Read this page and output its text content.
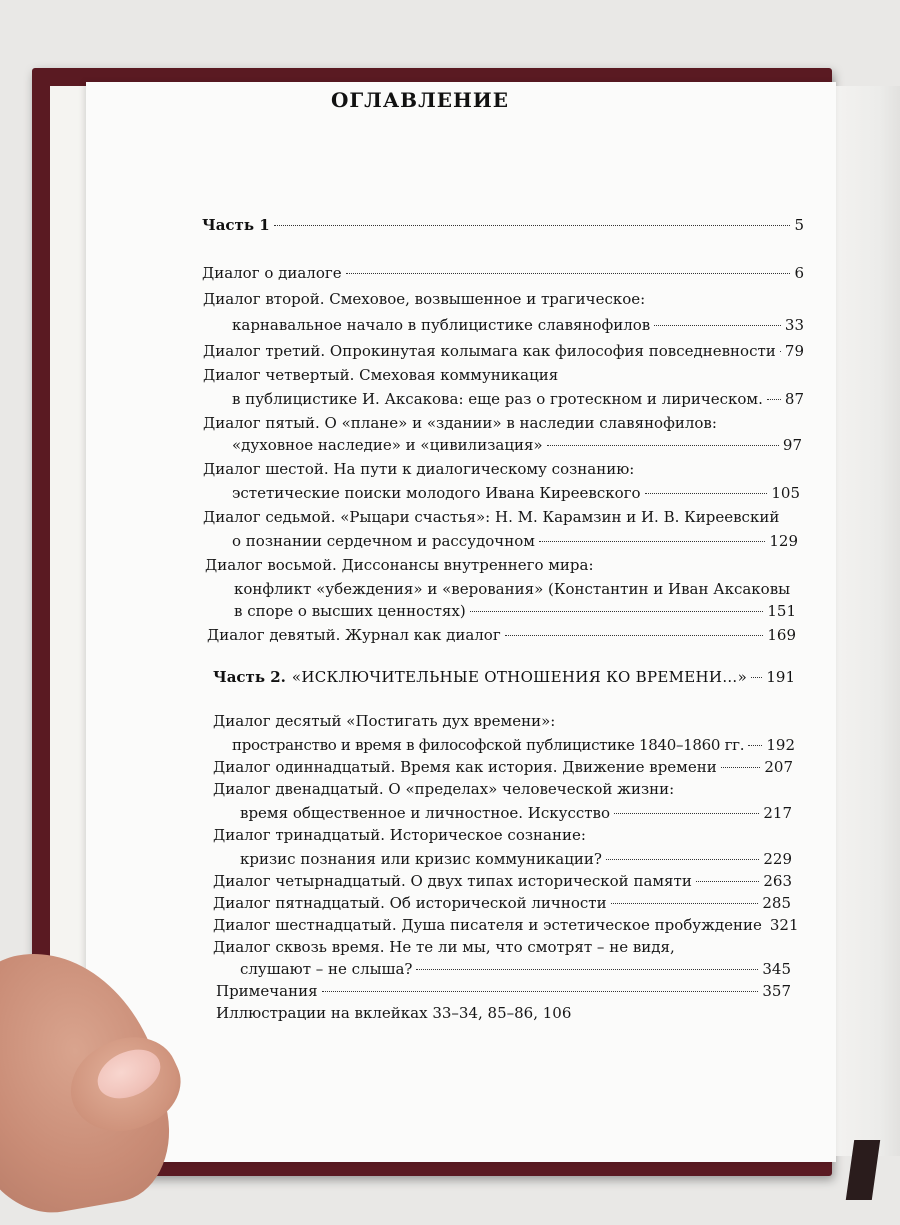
ОГЛАВЛЕНИЕ
Часть 1	5
Диалог о диалоге	6
Диалог второй. Смеховое, возвышенное и трагическое:
карнавальное начало в публицистике славянофилов	33
Диалог третий. Опрокинутая колымага как философия повседневности 79
Диалог четвертый. Смеховая коммуникация
в публицистике И. Аксакова: еще раз о гротескном и лирическом. 87
Диалог пятый. О «плане» и «здании» в наследии славянофилов:
«духовное наследие» и «цивилизация»	97
Диалог шестой. На пути к диалогическому сознанию:
эстетические поиски молодого Ивана Киреевского	105
Диалог седьмой. «Рыцари счастья»: Н. М. Карамзин и И. В. Киреевский
о познании сердечном и рассудочном	129
Диалог восьмой. Диссонансы внутреннего мира:
конфликт «убеждения» и «верования» (Константин и Иван Аксаковы
в споре о высших ценностях)	151
Диалог девятый. Журнал как диалог	169
Часть 2. «ИСКЛЮЧИТЕЛЬНЫЕ ОТНОШЕНИЯ КО ВРЕМЕНИ…» 191
Диалог десятый «Постигать дух времени»:
пространство и время в философской публицистике 1840–1860 гг. 192
Диалог одиннадцатый. Время как история. Движение времени	207
Диалог двенадцатый. О «пределах» человеческой жизни:
время общественное и личностное. Искусство	217
Диалог тринадцатый. Историческое сознание:
кризис познания или кризис коммуникации?	229
Диалог четырнадцатый. О двух типах исторической памяти	263
Диалог пятнадцатый. Об исторической личности	285
Диалог шестнадцатый. Душа писателя и эстетическое пробуждение 321
Диалог сквозь время. Не те ли мы, что смотрят – не видя,
слушают – не слыша?	345
Примечания	357
Иллюстрации на вклейках 33–34, 85–86, 106
